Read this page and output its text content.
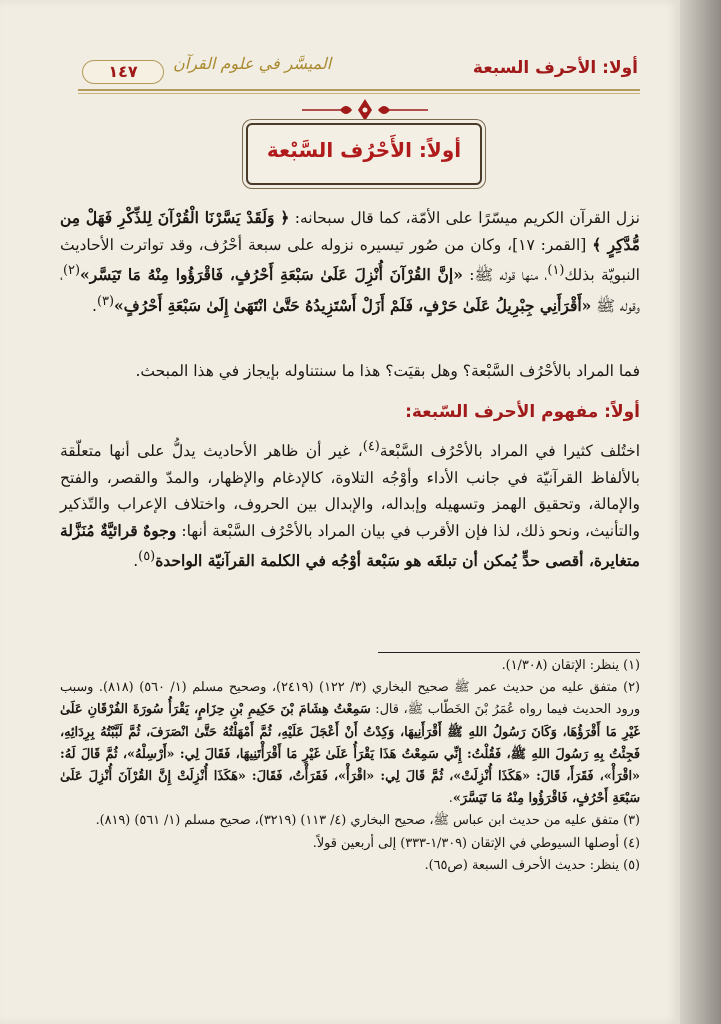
أولا: الأحرف السبعة
الميسَّر في علوم القرآن
١٤٧
أولاً: الأَحْرُف السَّبْعة
نزل القرآن الكريم ميسّرًا على الأمّة، كما قال سبحانه: ﴿ وَلَقَدْ يَسَّرْنَا الْقُرْآنَ لِلذِّكْرِ فَهَلْ مِن مُّدَّكِرٍ ﴾ [القمر: ١٧]، وكان من صُور تيسيره نزوله على سبعة أحْرُف، وقد تواترت الأحاديث النبويّة بذلك$^{(١)}$، منها قوله ﷺ: «إنَّ القُرْآنَ أُنْزِلَ عَلَىٰ سَبْعَةِ أَحْرُفٍ، فَاقْرَؤُوا مِنْهُ مَا تَيَسَّر»$^{(٢)}$، وقوله ﷺ «أَقْرَأَنِي جِبْرِيلُ عَلَىٰ حَرْفٍ، فَلَمْ أَزَلْ أَسْتَزِيدُهُ حَتَّىٰ انْتَهَىٰ إِلَىٰ سَبْعَةِ أَحْرُفٍ»$^{(٣)}$.
فما المراد بالأحْرُف السَّبْعة؟ وهل بقيَت؟ هذا ما سنتناوله بإيجاز في هذا المبحث.
أولاً: مفهوم الأحرف السّبعة:
اختُلف كثيرا في المراد بالأحْرُف السَّبْعة$^{(٤)}$، غير أن ظاهر الأحاديث يدلُّ على أنها متعلّقة بالألفاظ القرآنيّة في جانب الأداء وأوْجُه التلاوة، كالإدغام والإظهار، والمدّ والقصر، والفتح والإمالة، وتحقيق الهمز وتسهيله وإبداله، والإبدال بين الحروف، واختلاف الإعراب والتّذكير والتأنيث، ونحو ذلك، لذا فإن الأقرب في بيان المراد بالأحْرُف السَّبْعة أنها: وجوهٌ قرائيَّةٌ مُنَزَّلة متغايرة، أقصى حدٍّ يُمكن أن تبلغَه هو سَبْعة أوْجُه في الكلمة القرآنيّة الواحدة$^{(٥)}$.

(١) ينظر: الإتقان (١/٣٠٨).

(٢) متفق عليه من حديث عمر ﷺ صحيح البخاري (٣/ ١٢٢) (٢٤١٩)، وصحيح مسلم (١/ ٥٦٠) (٨١٨). وسبب ورود الحديث فيما رواه عُمَرُ بْنَ الخَطّاب ﷺ، قال: سَمِعْتُ هِشَامَ بْنَ حَكِيمِ بْنِ حِزَامٍ، يَقْرَأُ سُورَةَ الفُرْقَانِ عَلَىٰ غَيْرِ مَا أَقْرَؤُهَا، وَكَانَ رَسُولُ اللهِ ﷺ أَقْرَأَنِيهَا، وَكِدْتُ أَنْ أَعْجَلَ عَلَيْهِ، ثُمَّ أَمْهَلْتُهُ حَتَّىٰ انْصَرَفَ، ثُمَّ لَبَّبْتُهُ بِرِدَائِهِ، فَجِئْتُ بِهِ رَسُولَ اللهِ ﷺ، فَقُلْتُ: إِنِّي سَمِعْتُ هَذَا يَقْرَأُ عَلَىٰ غَيْرِ مَا أَقْرَأْتَنِيهَا، فَقَالَ لِي: «أَرْسِلْهُ»، ثُمَّ قَالَ لَهُ: «اقْرَأْ»، فَقَرَأَ، قَالَ: «هَكَذَا أُنْزِلَتْ»، ثُمَّ قَالَ لِي: «اقْرَأْ»، فَقَرَأْتُ، فَقَالَ: «هَكَذَا أُنْزِلَتْ إِنَّ القُرْآنَ أُنْزِلَ عَلَىٰ سَبْعَةِ أَحْرُفٍ، فَاقْرَؤُوا مِنْهُ مَا تَيَسَّرَ».

(٣) متفق عليه من حديث ابن عباس ﷺ، صحيح البخاري (٤/ ١١٣) (٣٢١٩)، صحيح مسلم (١/ ٥٦١) (٨١٩).

(٤) أوصلها السيوطي في الإتقان (١/٣٠٩-٣٣٣) إلى أربعين قولاً.

(٥) ينظر: حديث الأحرف السبعة (ص٦٥).
